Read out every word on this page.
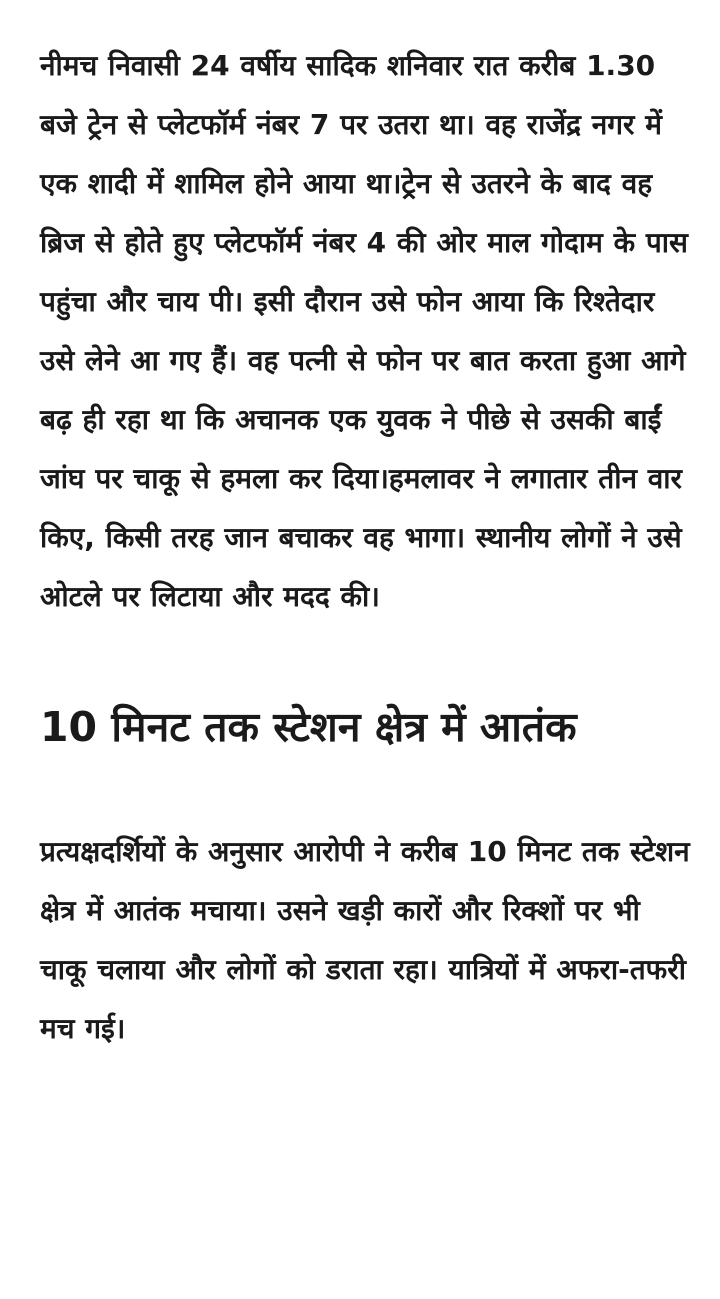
नीमच निवासी 24 वर्षीय सादिक शनिवार रात करीब 1.30 बजे ट्रेन से प्लेटफॉर्म नंबर 7 पर उतरा था। वह राजेंद्र नगर में एक शादी में शामिल होने आया था।ट्रेन से उतरने के बाद वह ब्रिज से होते हुए प्लेटफॉर्म नंबर 4 की ओर माल गोदाम के पास पहुंचा और चाय पी। इसी दौरान उसे फोन आया कि रिश्तेदार उसे लेने आ गए हैं। वह पत्नी से फोन पर बात करता हुआ आगे बढ़ ही रहा था कि अचानक एक युवक ने पीछे से उसकी बाईं जांघ पर चाकू से हमला कर दिया।हमलावर ने लगातार तीन वार किए, किसी तरह जान बचाकर वह भागा। स्थानीय लोगों ने उसे ओटले पर लिटाया और मदद की।

10 मिनट तक स्टेशन क्षेत्र में आतंक

प्रत्यक्षदर्शियों के अनुसार आरोपी ने करीब 10 मिनट तक स्टेशन क्षेत्र में आतंक मचाया। उसने खड़ी कारों और रिक्शों पर भी चाकू चलाया और लोगों को डराता रहा। यात्रियों में अफरा-तफरी मच गई।
